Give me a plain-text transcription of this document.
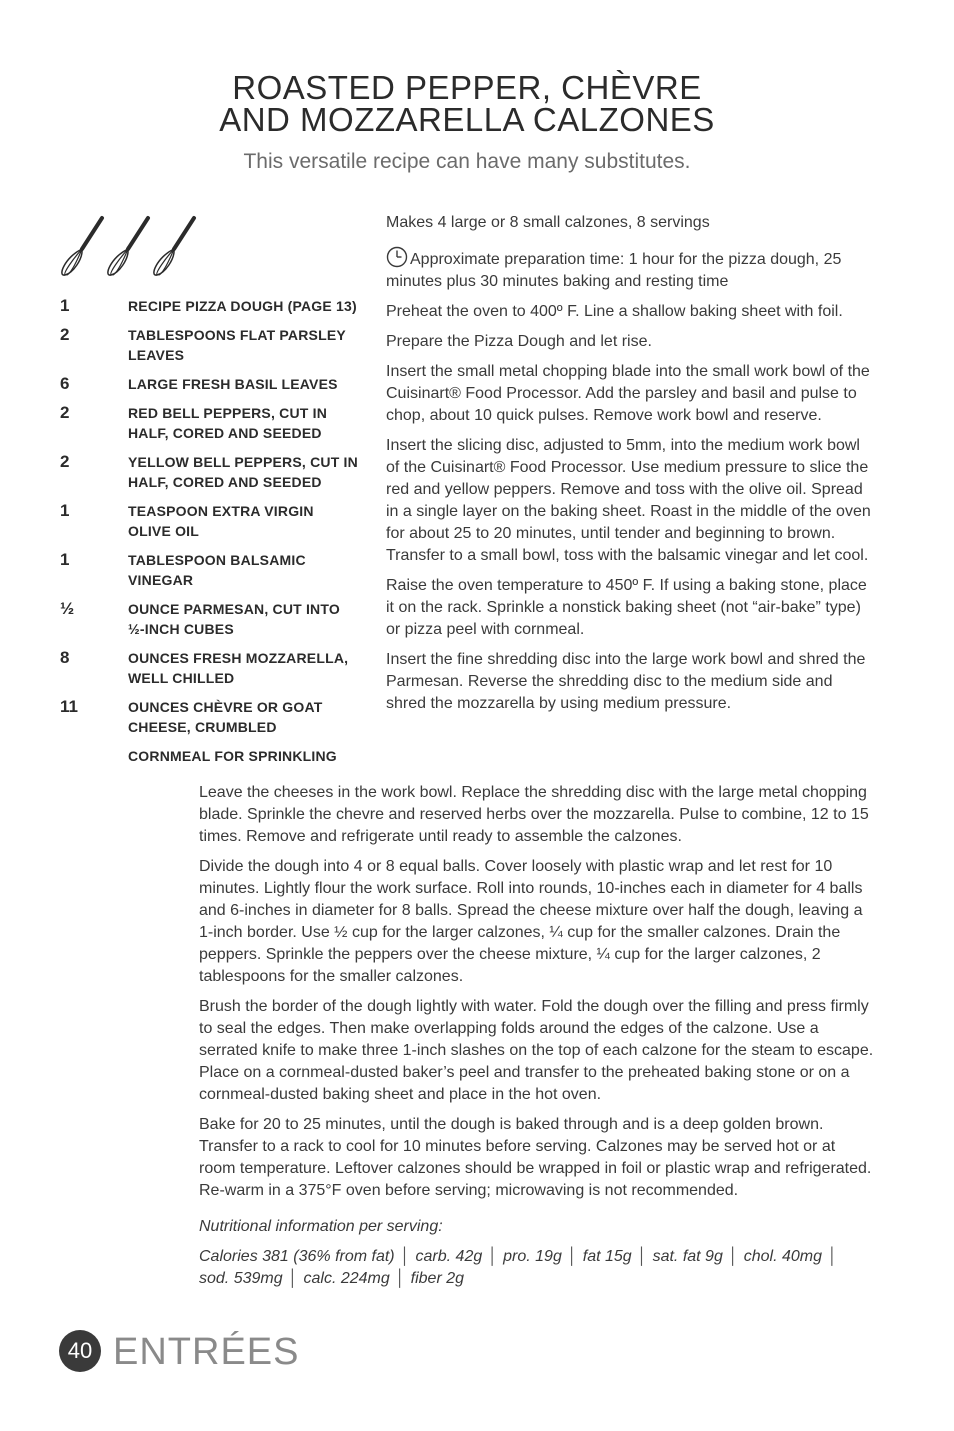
ROASTED PEPPER, CHÈVRE
AND MOZZARELLA CALZONES
This versatile recipe can have many substitutes.
1	RECIPE PIZZA DOUGH (PAGE 13)
2	TABLESPOONS FLAT PARSLEY LEAVES
6	LARGE FRESH BASIL LEAVES
2	RED BELL PEPPERS, CUT IN HALF, CORED AND SEEDED
2	YELLOW BELL PEPPERS, CUT IN HALF, CORED AND SEEDED
1	TEASPOON EXTRA VIRGIN OLIVE OIL
1	TABLESPOON BALSAMIC VINEGAR
½	OUNCE PARMESAN, CUT INTO ½-INCH CUBES
8	OUNCES FRESH MOZZARELLA, WELL CHILLED
11	OUNCES CHÈVRE OR GOAT CHEESE, CRUMBLED
CORNMEAL FOR SPRINKLING

Makes 4 large or 8 small calzones, 8 servings

Approximate preparation time: 1 hour for the pizza dough, 25 minutes plus 30 minutes baking and resting time

Preheat the oven to 400º F. Line a shallow baking sheet with foil.

Prepare the Pizza Dough and let rise.

Insert the small metal chopping blade into the small work bowl of the Cuisinart® Food Processor. Add the parsley and basil and pulse to chop, about 10 quick pulses. Remove work bowl and reserve.

Insert the slicing disc, adjusted to 5mm, into the medium work bowl of the Cuisinart® Food Processor. Use medium pressure to slice the red and yellow peppers. Remove and toss with the olive oil. Spread in a single layer on the baking sheet. Roast in the middle of the oven for about 25 to 20 minutes, until tender and beginning to brown. Transfer to a small bowl, toss with the balsamic vinegar and let cool.

Raise the oven temperature to 450º F. If using a baking stone, place it on the rack. Sprinkle a nonstick baking sheet (not “air-bake” type) or pizza peel with cornmeal.

Insert the fine shredding disc into the large work bowl and shred the Parmesan. Reverse the shredding disc to the medium side and shred the mozzarella by using medium pressure.

Leave the cheeses in the work bowl. Replace the shredding disc with the large metal chopping blade. Sprinkle the chevre and reserved herbs over the mozzarella. Pulse to combine, 12 to 15 times. Remove and refrigerate until ready to assemble the calzones.

Divide the dough into 4 or 8 equal balls. Cover loosely with plastic wrap and let rest for 10 minutes. Lightly flour the work surface. Roll into rounds, 10-inches each in diameter for 4 balls and 6-inches in diameter for 8 balls. Spread the cheese mixture over half the dough, leaving a 1-inch border. Use ½ cup for the larger calzones, ¼ cup for the smaller calzones. Drain the peppers. Sprinkle the peppers over the cheese mixture, ¼ cup for the larger calzones, 2 tablespoons for the smaller calzones.

Brush the border of the dough lightly with water. Fold the dough over the filling and press firmly to seal the edges. Then make overlapping folds around the edges of the calzone. Use a serrated knife to make three 1-inch slashes on the top of each calzone for the steam to escape. Place on a cornmeal-dusted baker’s peel and transfer to the preheated baking stone or on a cornmeal-dusted baking sheet and place in the hot oven.

Bake for 20 to 25 minutes, until the dough is baked through and is a deep golden brown. Transfer to a rack to cool for 10 minutes before serving. Calzones may be served hot or at room temperature. Leftover calzones should be wrapped in foil or plastic wrap and refrigerated. Re-warm in a 375°F oven before serving; microwaving is not recommended.

Nutritional information per serving:

Calories 381 (36% from fat) │ carb. 42g │ pro. 19g │ fat 15g │ sat. fat 9g │ chol. 40mg │
sod. 539mg │ calc. 224mg │ fiber 2g

40 ENTRÉES
